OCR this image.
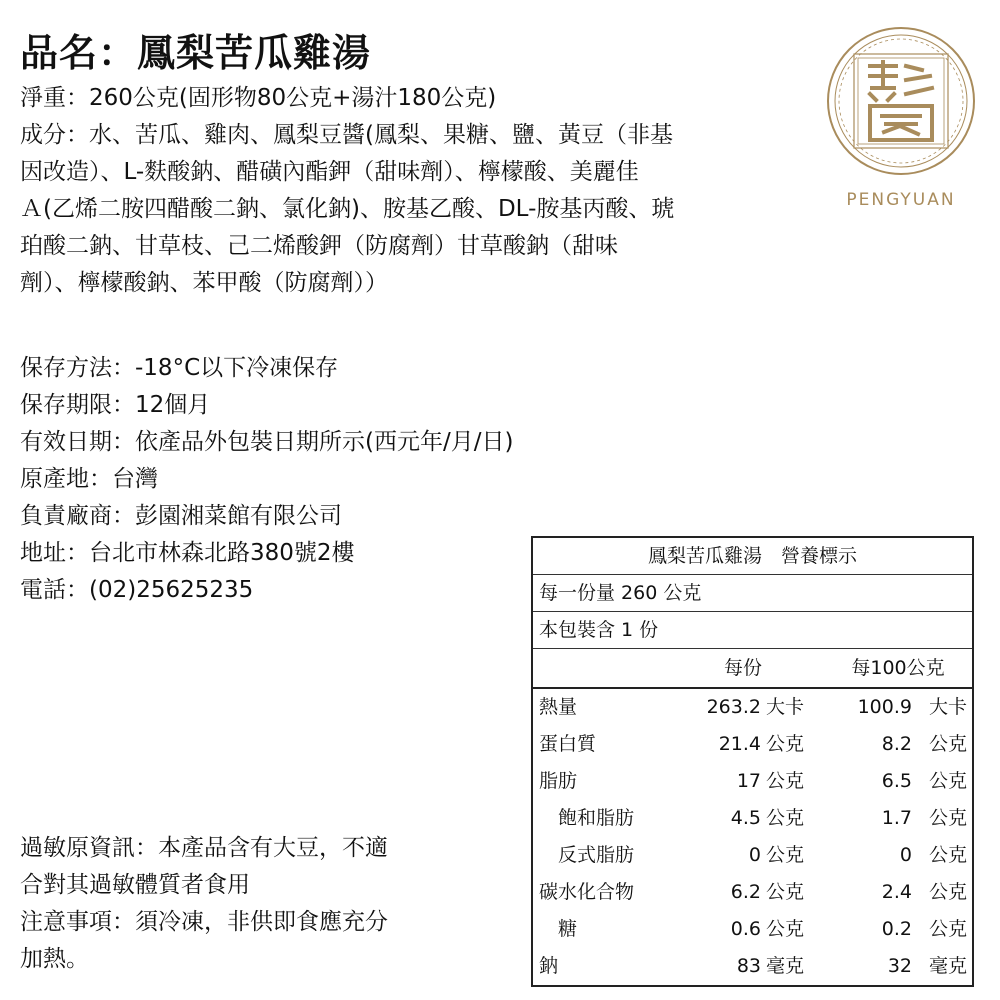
品名：鳳梨苦瓜雞湯
淨重：260公克(固形物80公克+湯汁180公克)
成分：水、苦瓜、雞肉、鳳梨豆醬(鳳梨、果糖、鹽、黃豆（非基
因改造）、L-麩酸鈉、醋磺內酯鉀（甜味劑）、檸檬酸、美麗佳
Ａ(乙烯二胺四醋酸二鈉、氯化鈉)、胺基乙酸、DL-胺基丙酸、琥
珀酸二鈉、甘草枝、己二烯酸鉀（防腐劑）甘草酸鈉（甜味
劑）、檸檬酸鈉、苯甲酸（防腐劑））
保存方法：-18°C以下冷凍保存
保存期限：12個月
有效日期：依產品外包裝日期所示(西元年/月/日)
原產地：台灣
負責廠商：彭園湘菜館有限公司
地址：台北市林森北路380號2樓
電話：(02)25625235
過敏原資訊：本產品含有大豆，不適
合對其過敏體質者食用
注意事項：須冷凍，非供即食應充分
加熱。
PENGYUAN
鳳梨苦瓜雞湯　營養標示
每一份量 260 公克
本包裝含 1 份
每份	每100公克
熱量	263.2 大卡	100.9 大卡
蛋白質	21.4 公克	8.2 公克
脂肪	17 公克	6.5 公克
　飽和脂肪	4.5 公克	1.7 公克
　反式脂肪	0 公克	0 公克
碳水化合物	6.2 公克	2.4 公克
　糖	0.6 公克	0.2 公克
鈉	83 毫克	32 毫克
